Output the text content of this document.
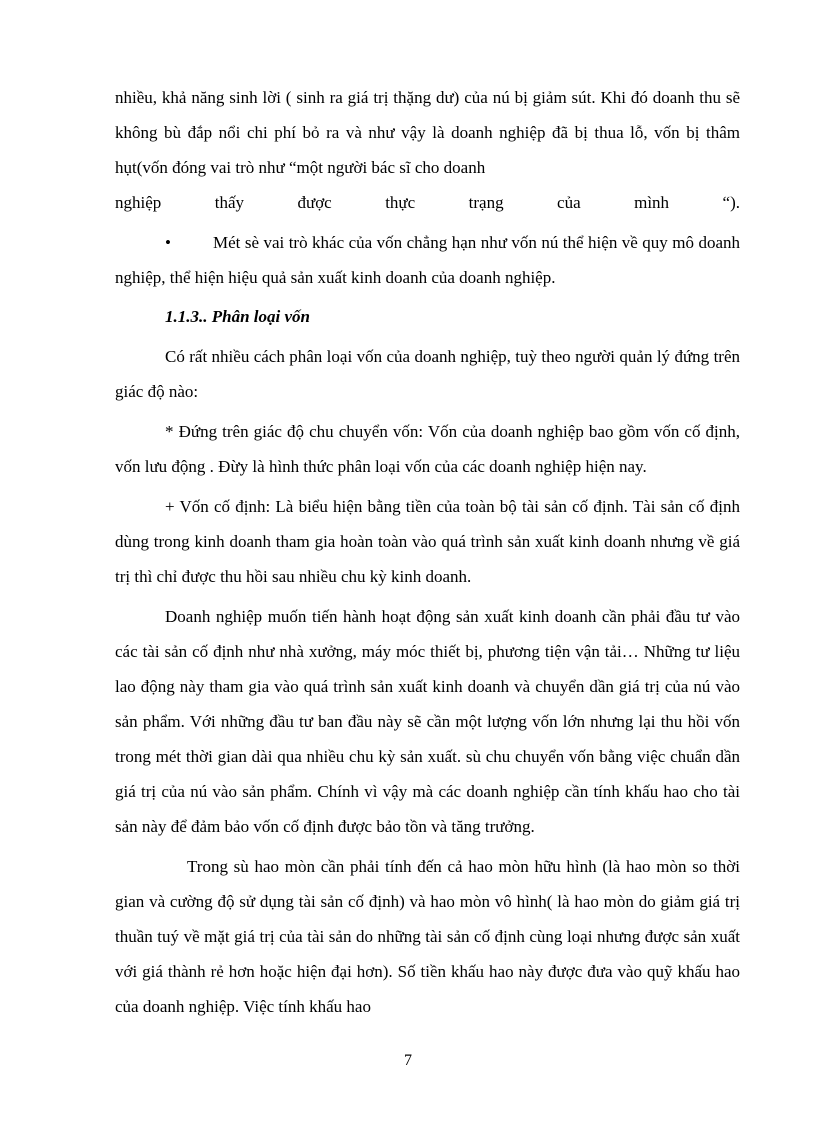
nhiều, khả năng sinh lời ( sinh ra giá trị thặng dư) của nú bị giảm sút. Khi đó doanh thu sẽ không bù đắp nổi chi phí bỏ ra và như vậy là doanh nghiệp đã bị thua lỗ, vốn bị thâm hụt(vốn đóng vai trò như “một người bác sĩ cho doanh

nghiệp thấy được thực trạng của mình “).

• Mét sè vai trò khác của vốn chẳng hạn như vốn nú thể hiện về quy mô doanh nghiệp, thể hiện hiệu quả sản xuất kinh doanh của doanh nghiệp.

1.1.3.. Phân loại vốn

Có rất nhiều cách phân loại vốn của doanh nghiệp, tuỳ theo người quản lý đứng trên giác độ nào:

* Đứng trên giác độ chu chuyển vốn: Vốn của doanh nghiệp bao gồm vốn cố định, vốn lưu động . Đừy là hình thức phân loại vốn của các doanh nghiệp hiện nay.

+ Vốn cố định: Là biểu hiện bằng tiền của toàn bộ tài sản cố định. Tài sản cố định dùng trong kinh doanh tham gia hoàn toàn vào quá trình sản xuất kinh doanh nhưng về giá trị thì chỉ được thu hồi sau nhiều chu kỳ kinh doanh.

Doanh nghiệp muốn tiến hành hoạt động sản xuất kinh doanh cần phải đầu tư vào các tài sản cố định như nhà xưởng, máy móc thiết bị, phương tiện vận tải… Những tư liệu lao động này tham gia vào quá trình sản xuất kinh doanh và chuyển dần giá trị của nú vào sản phẩm. Với những đầu tư ban đầu này sẽ cần một lượng vốn lớn nhưng lại thu hồi vốn trong mét thời gian dài qua nhiều chu kỳ sản xuất. sù chu chuyển vốn bằng việc chuẩn dần giá trị của nú vào sản phẩm. Chính vì vậy mà các doanh nghiệp cần tính khấu hao cho tài sản này để đảm bảo vốn cố định được bảo tồn và tăng trưởng.

Trong sù hao mòn cần phải tính đến cả hao mòn hữu hình (là hao mòn so thời gian và cường độ sử dụng tài sản cố định) và hao mòn vô hình( là hao mòn do giảm giá trị thuần tuý về mặt giá trị của tài sản do những tài sản cố định cùng loại nhưng được sản xuất với giá thành rẻ hơn hoặc hiện đại hơn). Số tiền khấu hao này được đưa vào quỹ khấu hao của doanh nghiệp. Việc tính khấu hao

7
